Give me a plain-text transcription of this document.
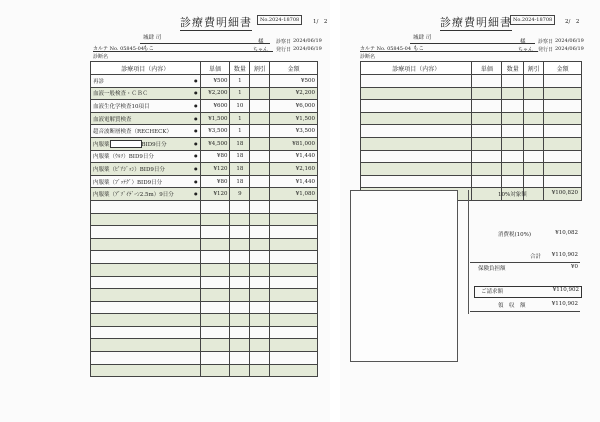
診療費明細書	No.2024-18708	1/　2
城肆 司
様 診察日 2024/06/19
カルテ No. 05845-04
もこ	ちゃん 発行日 2024/06/19
診断名
診療項目（内容）	単価	数量	割引	金額
再診 ●	¥500	1		¥500
血液一般検査・ＣＢＣ ●	¥2,200	1		¥2,200
血液生化学検査10項目 ●	¥600	10		¥6,000
血液電解質検査 ●	¥1,500	1		¥1,500
超音波断層検査（RECHECK） ●	¥3,500	1		¥3,500
内服薬 BID9日分 ●	¥4,500	18		¥81,000
内服薬（ｳﾙｿ）BID9日分 ●	¥80	18		¥1,440
内服薬（ﾋﾟｱｼﾞｯﾝ）BID9日分 ●	¥120	18		¥2,160
内服薬（ﾌﾞｯﾃｸﾞ）BID9日分 ●	¥80	18		¥1,440
内服薬（ｱﾞｿﾞｲﾃﾞｰﾝ2.5m）9日分 ●	¥120	9		¥1,080

診療費明細書 No.2024-18708	2/　2
城肆 司
様 診察日 2024/06/19
カルテ No. 05845-04 もこ	ちゃん 発行日 2024/06/19
診断名
診療項目（内容）	単価	数量	割引	金額

10%対象額	¥100,820
消費税(10%)	¥10,082
合計 ¥110,902
保険負担額	¥0
ご請求額	¥110,902
領　収　額	¥110,902
